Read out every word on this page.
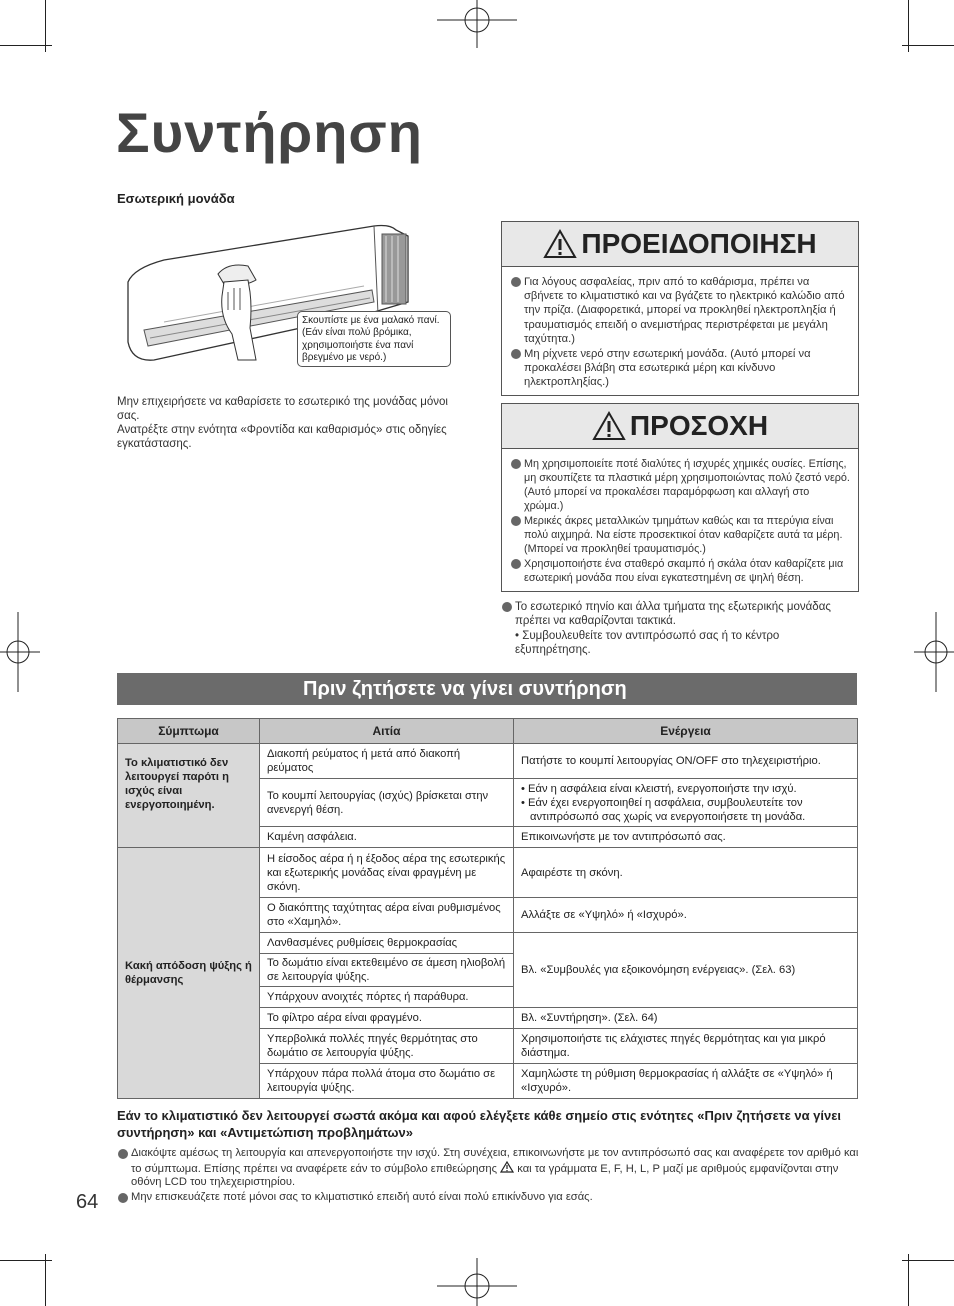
Συντήρηση
Εσωτερική μονάδα
Σκουπίστε με ένα μαλακό πανί. (Εάν είναι πολύ βρόμικα, χρησιμοποιήστε ένα πανί βρεγμένο με νερό.)
Μην επιχειρήσετε να καθαρίσετε το εσωτερικό της μονάδας μόνοι σας.
Ανατρέξτε στην ενότητα «Φροντίδα και καθαρισμός» στις οδηγίες εγκατάστασης.
ΠΡΟΕΙΔΟΠΟΙΗΣΗ
Για λόγους ασφαλείας, πριν από το καθάρισμα, πρέπει να σβήνετε το κλιματιστικό και να βγάζετε το ηλεκτρικό καλώδιο από την πρίζα. (Διαφορετικά, μπορεί να προκληθεί ηλεκτροπληξία ή τραυματισμός επειδή ο ανεμιστήρας περιστρέφεται με μεγάλη ταχύτητα.)
Μη ρίχνετε νερό στην εσωτερική μονάδα. (Αυτό μπορεί να προκαλέσει βλάβη στα εσωτερικά μέρη και κίνδυνο ηλεκτροπληξίας.)
ΠΡΟΣΟΧΗ
Μη χρησιμοποιείτε ποτέ διαλύτες ή ισχυρές χημικές ουσίες. Επίσης, μη σκουπίζετε τα πλαστικά μέρη χρησιμοποιώντας πολύ ζεστό νερό. (Αυτό μπορεί να προκαλέσει παραμόρφωση και αλλαγή στο χρώμα.)
Μερικές άκρες μεταλλικών τμημάτων καθώς και τα πτερύγια είναι πολύ αιχμηρά. Να είστε προσεκτικοί όταν καθαρίζετε αυτά τα μέρη. (Μπορεί να προκληθεί τραυματισμός.)
Χρησιμοποιήστε ένα σταθερό σκαμπό ή σκάλα όταν καθαρίζετε μια εσωτερική μονάδα που είναι εγκατεστημένη σε ψηλή θέση.
Το εσωτερικό πηνίο και άλλα τμήματα της εξωτερικής μονάδας πρέπει να καθαρίζονται τακτικά.
• Συμβουλευθείτε τον αντιπρόσωπό σας ή το κέντρο εξυπηρέτησης.
Πριν ζητήσετε να γίνει συντήρηση
Σύμπτωμα	Αιτία	Ενέργεια
Το κλιματιστικό δεν λειτουργεί παρότι η ισχύς είναι ενεργοποιημένη.	Διακοπή ρεύματος ή μετά από διακοπή ρεύματος	Πατήστε το κουμπί λειτουργίας ON/OFF στο τηλεχειριστήριο.
	Το κουμπί λειτουργίας (ισχύς) βρίσκεται στην ανενεργή θέση.	• Εάν η ασφάλεια είναι κλειστή, ενεργοποιήστε την ισχύ.
• Εάν έχει ενεργοποιηθεί η ασφάλεια, συμβουλευτείτε τον αντιπρόσωπό σας χωρίς να ενεργοποιήσετε τη μονάδα.

	Καμένη ασφάλεια.	Επικοινωνήστε με τον αντιπρόσωπό σας.
Κακή απόδοση ψύξης ή θέρμανσης	Η είσοδος αέρα ή η έξοδος αέρα της εσωτερικής και εξωτερικής μονάδας είναι φραγμένη με σκόνη.	Αφαιρέστε τη σκόνη.
	Ο διακόπτης ταχύτητας αέρα είναι ρυθμισμένος στο «Χαμηλό».	Αλλάξτε σε «Υψηλό» ή «Ισχυρό».
	Λανθασμένες ρυθμίσεις θερμοκρασίας	Βλ. «Συμβουλές για εξοικονόμηση ενέργειας». (Σελ. 63)
	Το δωμάτιο είναι εκτεθειμένο σε άμεση ηλιοβολή σε λειτουργία ψύξης.	
	Υπάρχουν ανοιχτές πόρτες ή παράθυρα.	
	Το φίλτρο αέρα είναι φραγμένο.	Βλ. «Συντήρηση». (Σελ. 64)
	Υπερβολικά πολλές πηγές θερμότητας στο δωμάτιο σε λειτουργία ψύξης.	Χρησιμοποιήστε τις ελάχιστες πηγές θερμότητας και για μικρό διάστημα.
	Υπάρχουν πάρα πολλά άτομα στο δωμάτιο σε λειτουργία ψύξης.	Χαμηλώστε τη ρύθμιση θερμοκρασίας ή αλλάξτε σε «Υψηλό» ή «Ισχυρό».
Εάν το κλιματιστικό δεν λειτουργεί σωστά ακόμα και αφού ελέγξετε κάθε σημείο στις ενότητες «Πριν ζητήσετε να γίνει συντήρηση» και «Αντιμετώπιση προβλημάτων»
Διακόψτε αμέσως τη λειτουργία και απενεργοποιήστε την ισχύ. Στη συνέχεια, επικοινωνήστε με τον αντιπρόσωπό σας και αναφέρετε τον αριθμό και το σύμπτωμα. Επίσης πρέπει να αναφέρετε εάν το σύμβολο επιθεώρησης και τα γράμματα E, F, H, L, P μαζί με αριθμούς εμφανίζονται στην οθόνη LCD του τηλεχειριστηρίου.
Μην επισκευάζετε ποτέ μόνοι σας το κλιματιστικό επειδή αυτό είναι πολύ επικίνδυνο για εσάς.
64
